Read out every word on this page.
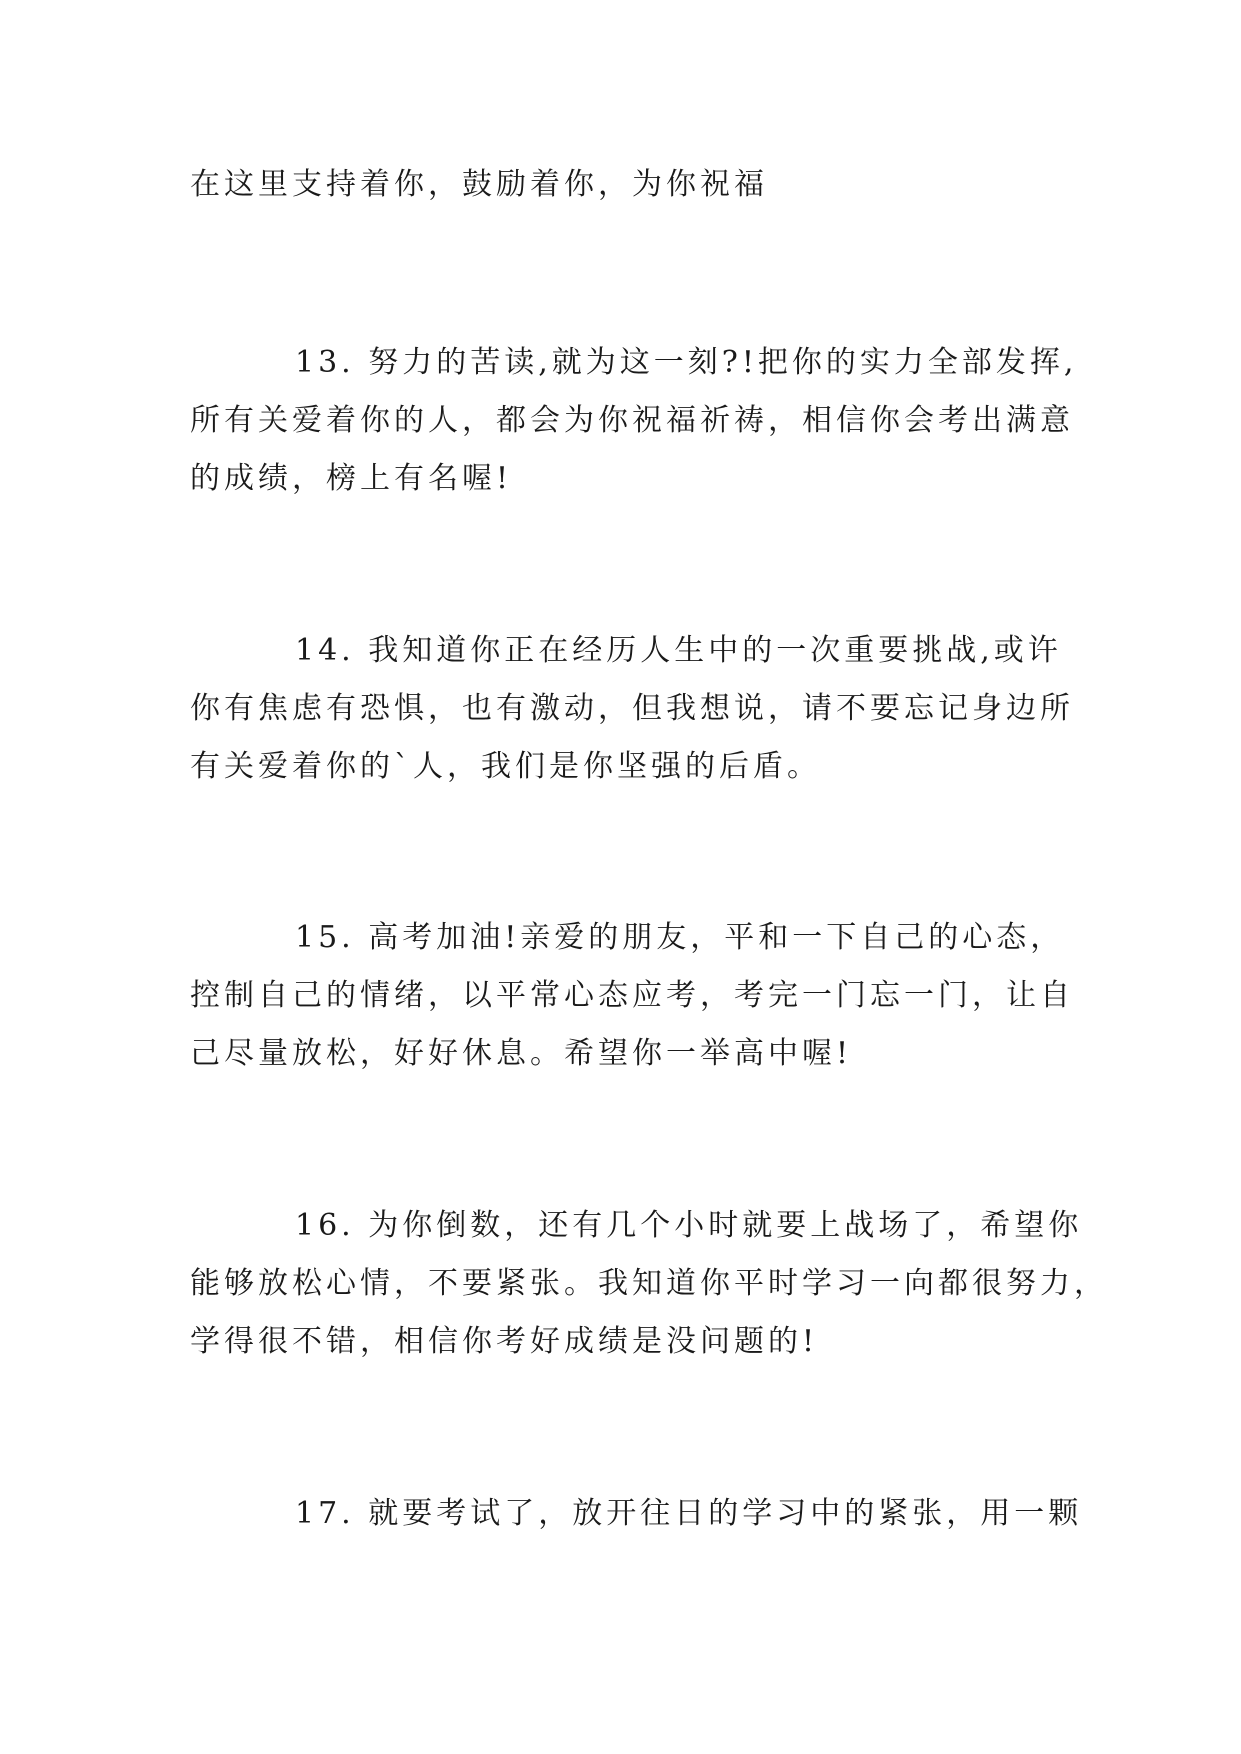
在这里支持着你，鼓励着你，为你祝福

13. 努力的苦读,就为这一刻?!把你的实力全部发挥,
所有关爱着你的人，都会为你祝福祈祷，相信你会考出满意
的成绩，榜上有名喔!

14. 我知道你正在经历人生中的一次重要挑战,或许
你有焦虑有恐惧，也有激动，但我想说，请不要忘记身边所
有关爱着你的`人，我们是你坚强的后盾。

15. 高考加油!亲爱的朋友，平和一下自己的心态，
控制自己的情绪，以平常心态应考，考完一门忘一门，让自
己尽量放松，好好休息。希望你一举高中喔!

16. 为你倒数，还有几个小时就要上战场了，希望你
能够放松心情，不要紧张。我知道你平时学习一向都很努力，
学得很不错，相信你考好成绩是没问题的!

17. 就要考试了，放开往日的学习中的紧张，用一颗
